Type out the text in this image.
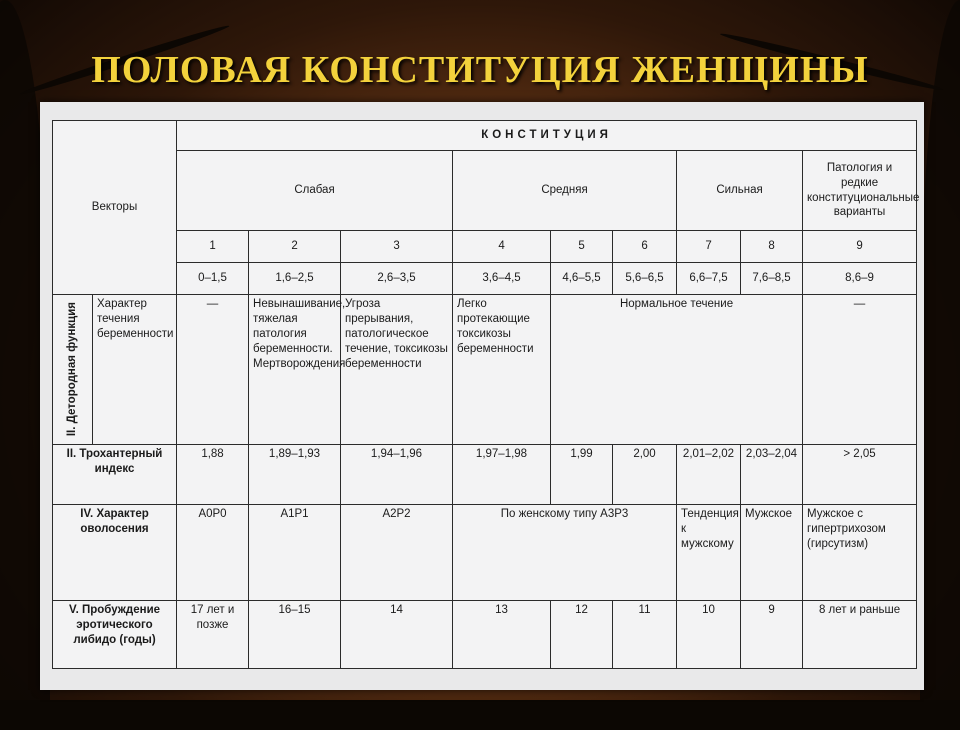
ПОЛОВАЯ КОНСТИТУЦИЯ ЖЕНЩИНЫ
Векторы		КОНСТИТУЦИЯ								
		Слабая			Средняя			Сильная		Патология и редкие конституциональные варианты
		1	2	3	4	5	6	7	8	9
		0–1,5	1,6–2,5	2,6–3,5	3,6–4,5	4,6–5,5	5,6–6,5	6,6–7,5	7,6–8,5	8,6–9

II. Детородная функция	Характер течения беременности	—	Невынашивание, тяжелая патология беременности. Мертворождения	Угроза прерывания, патологическое течение, токсикозы беременности	Легко протекающие токсикозы беременности	Нормальное течение				—
II. Трохантерный индекс		1,88	1,89–1,93	1,94–1,96	1,97–1,98	1,99	2,00	2,01–2,02	2,03–2,04	> 2,05
IV. Характер оволосения		A0P0	A1P1	A2P2	По женскому типу A3P3			Тенденция к мужскому	Мужское	Мужское с гипертрихозом (гирсутизм)
V. Пробуждение эротического либидо (годы)		17 лет и позже	16–15	14	13	12	11	10	9	8 лет и раньше
